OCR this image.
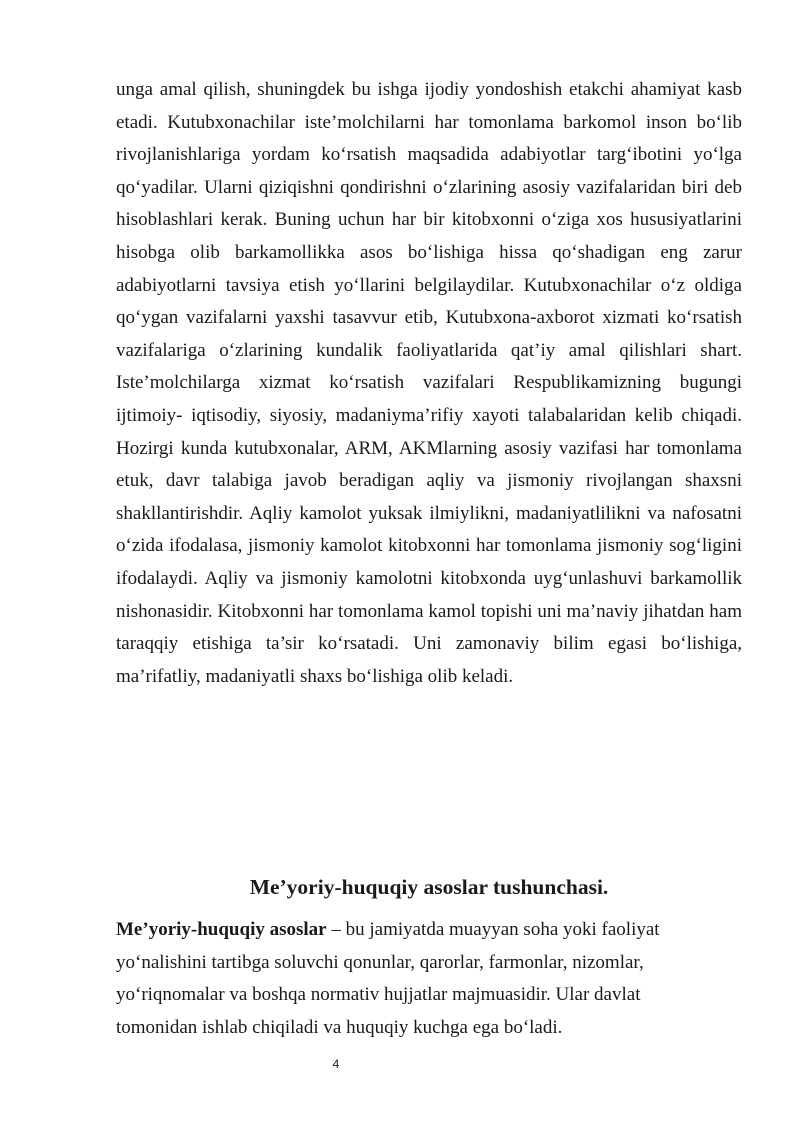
unga amal qilish, shuningdek bu ishga ijodiy yondoshish etakchi ahamiyat kasb etadi. Kutubxonachilar iste’molchilarni har tomonlama barkomol inson bo‘lib rivojlanishlariga yordam ko‘rsatish maqsadida adabiyotlar targ‘ibotini yo‘lga qo‘yadilar. Ularni qiziqishni qondirishni o‘zlarining asosiy vazifalaridan biri deb hisoblashlari kerak. Buning uchun har bir kitobxonni o‘ziga xos hususiyatlarini hisobga olib barkamollikka asos bo‘lishiga hissa qo‘shadigan eng zarur adabiyotlarni tavsiya etish yo‘llarini belgilaydilar. Kutubxonachilar o‘z oldiga qo‘ygan vazifalarni yaxshi tasavvur etib, Kutubxona-axborot xizmati ko‘rsatish vazifalariga o‘zlarining kundalik faoliyatlarida qat’iy amal qilishlari shart. Iste’molchilarga xizmat ko‘rsatish vazifalari Respublikamizning bugungi ijtimoiy- iqtisodiy, siyosiy, madaniyma’rifiy xayoti talabalaridan kelib chiqadi. Hozirgi kunda kutubxonalar, ARM, AKMlarning asosiy vazifasi har tomonlama etuk, davr talabiga javob beradigan aqliy va jismoniy rivojlangan shaxsni shakllantirishdir. Aqliy kamolot yuksak ilmiylikni, madaniyatlilikni va nafosatni o‘zida ifodalasa, jismoniy kamolot kitobxonni har tomonlama jismoniy sog‘ligini ifodalaydi. Aqliy va jismoniy kamolotni kitobxonda uyg‘unlashuvi barkamollik nishonasidir. Kitobxonni har tomonlama kamol topishi uni ma’naviy jihatdan ham taraqqiy etishiga ta’sir ko‘rsatadi. Uni zamonaviy bilim egasi bo‘lishiga, ma’rifatliy, madaniyatli shaxs bo‘lishiga olib keladi.

Me’yoriy-huquqiy asoslar tushunchasi.

Me’yoriy-huquqiy asoslar – bu jamiyatda muayyan soha yoki faoliyat
yo‘nalishini tartibga soluvchi qonunlar, qarorlar, farmonlar, nizomlar,
yo‘riqnomalar va boshqa normativ hujjatlar majmuasidir. Ular davlat
tomonidan ishlab chiqiladi va huquqiy kuchga ega bo‘ladi.

4
